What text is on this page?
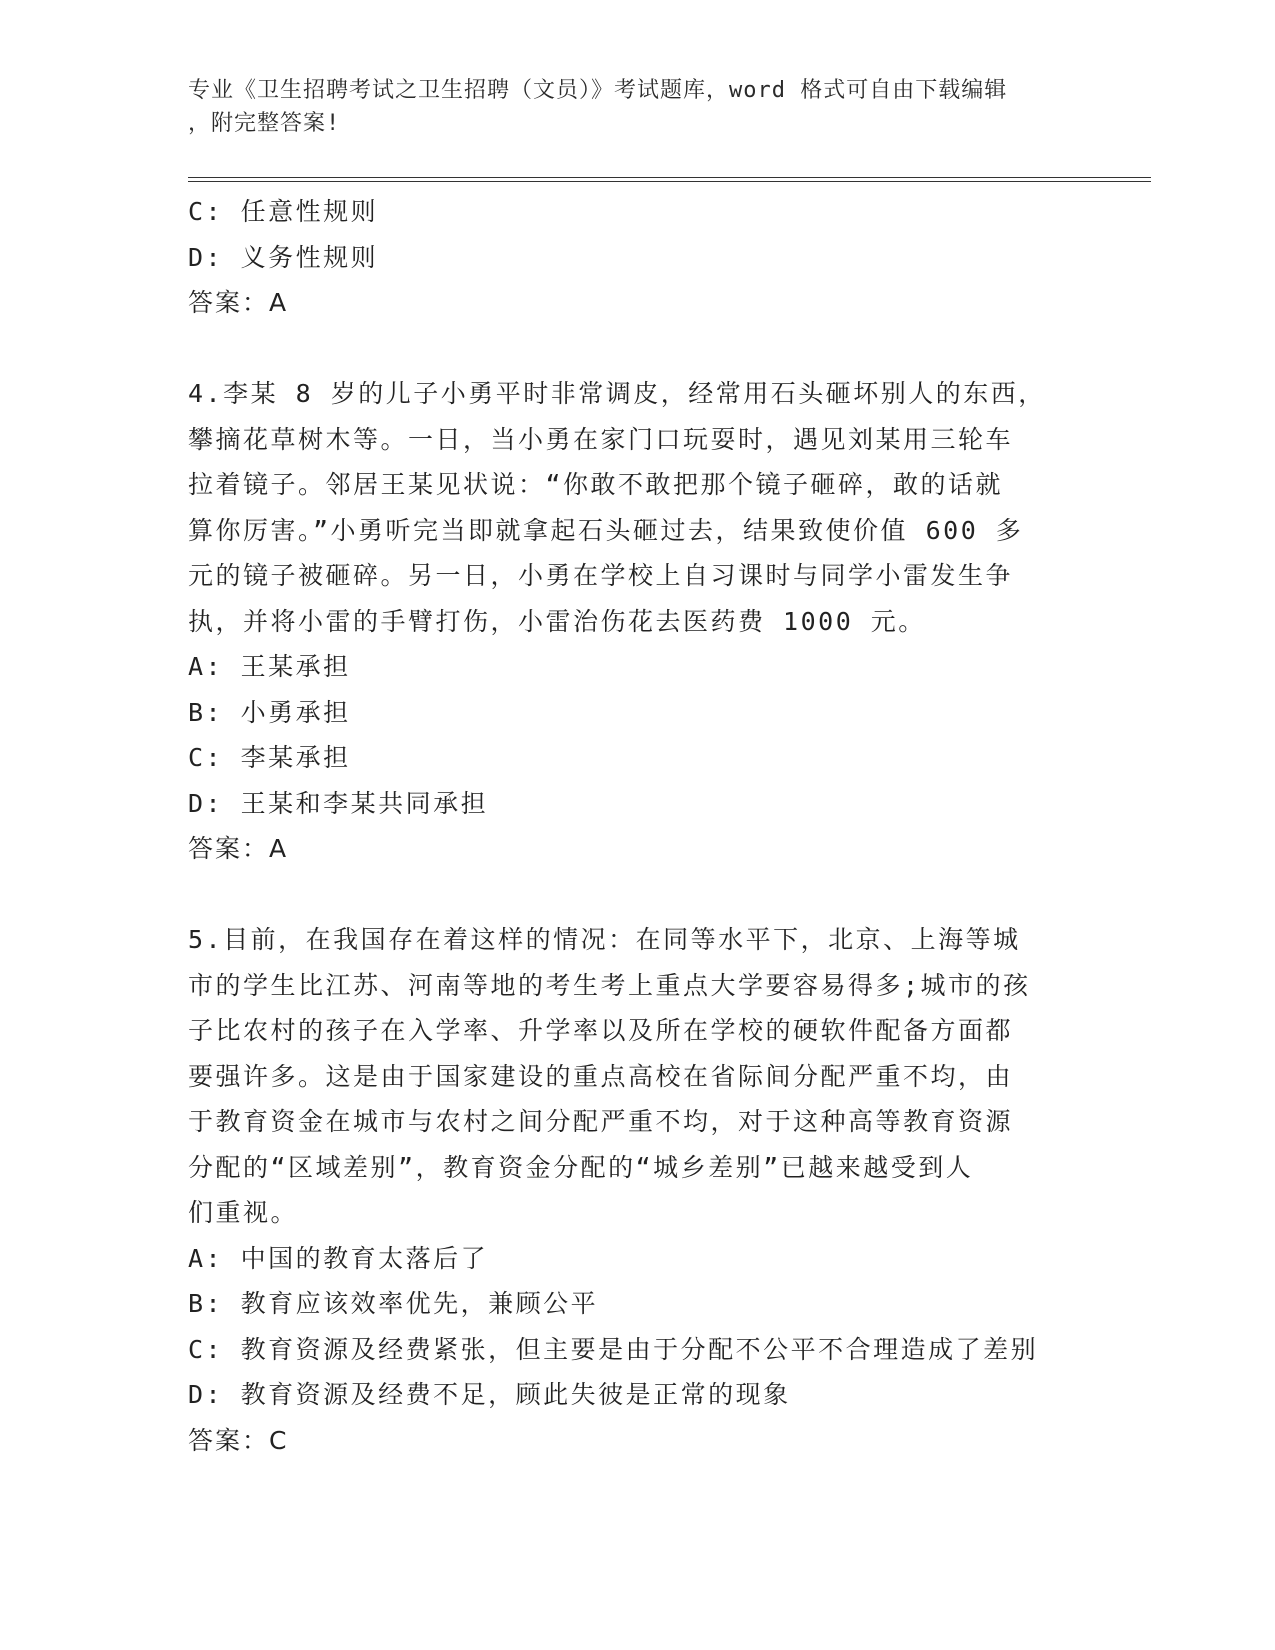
专业《卫生招聘考试之卫生招聘（文员）》考试题库，word 格式可自由下载编辑
，附完整答案!
C: 任意性规则
D: 义务性规则
答案：A
4.李某 8 岁的儿子小勇平时非常调皮，经常用石头砸坏别人的东西，
攀摘花草树木等。一日，当小勇在家门口玩耍时，遇见刘某用三轮车
拉着镜子。邻居王某见状说：“你敢不敢把那个镜子砸碎，敢的话就
算你厉害。”小勇听完当即就拿起石头砸过去，结果致使价值 600 多
元的镜子被砸碎。另一日，小勇在学校上自习课时与同学小雷发生争
执，并将小雷的手臂打伤，小雷治伤花去医药费 1000 元。
A: 王某承担
B: 小勇承担
C: 李某承担
D: 王某和李某共同承担
答案：A
5.目前，在我国存在着这样的情况：在同等水平下，北京、上海等城
市的学生比江苏、河南等地的考生考上重点大学要容易得多;城市的孩
子比农村的孩子在入学率、升学率以及所在学校的硬软件配备方面都
要强许多。这是由于国家建设的重点高校在省际间分配严重不均，由
于教育资金在城市与农村之间分配严重不均，对于这种高等教育资源
分配的“区域差别”，教育资金分配的“城乡差别”已越来越受到人
们重视。
A: 中国的教育太落后了
B: 教育应该效率优先，兼顾公平
C: 教育资源及经费紧张，但主要是由于分配不公平不合理造成了差别
D: 教育资源及经费不足，顾此失彼是正常的现象
答案：C
